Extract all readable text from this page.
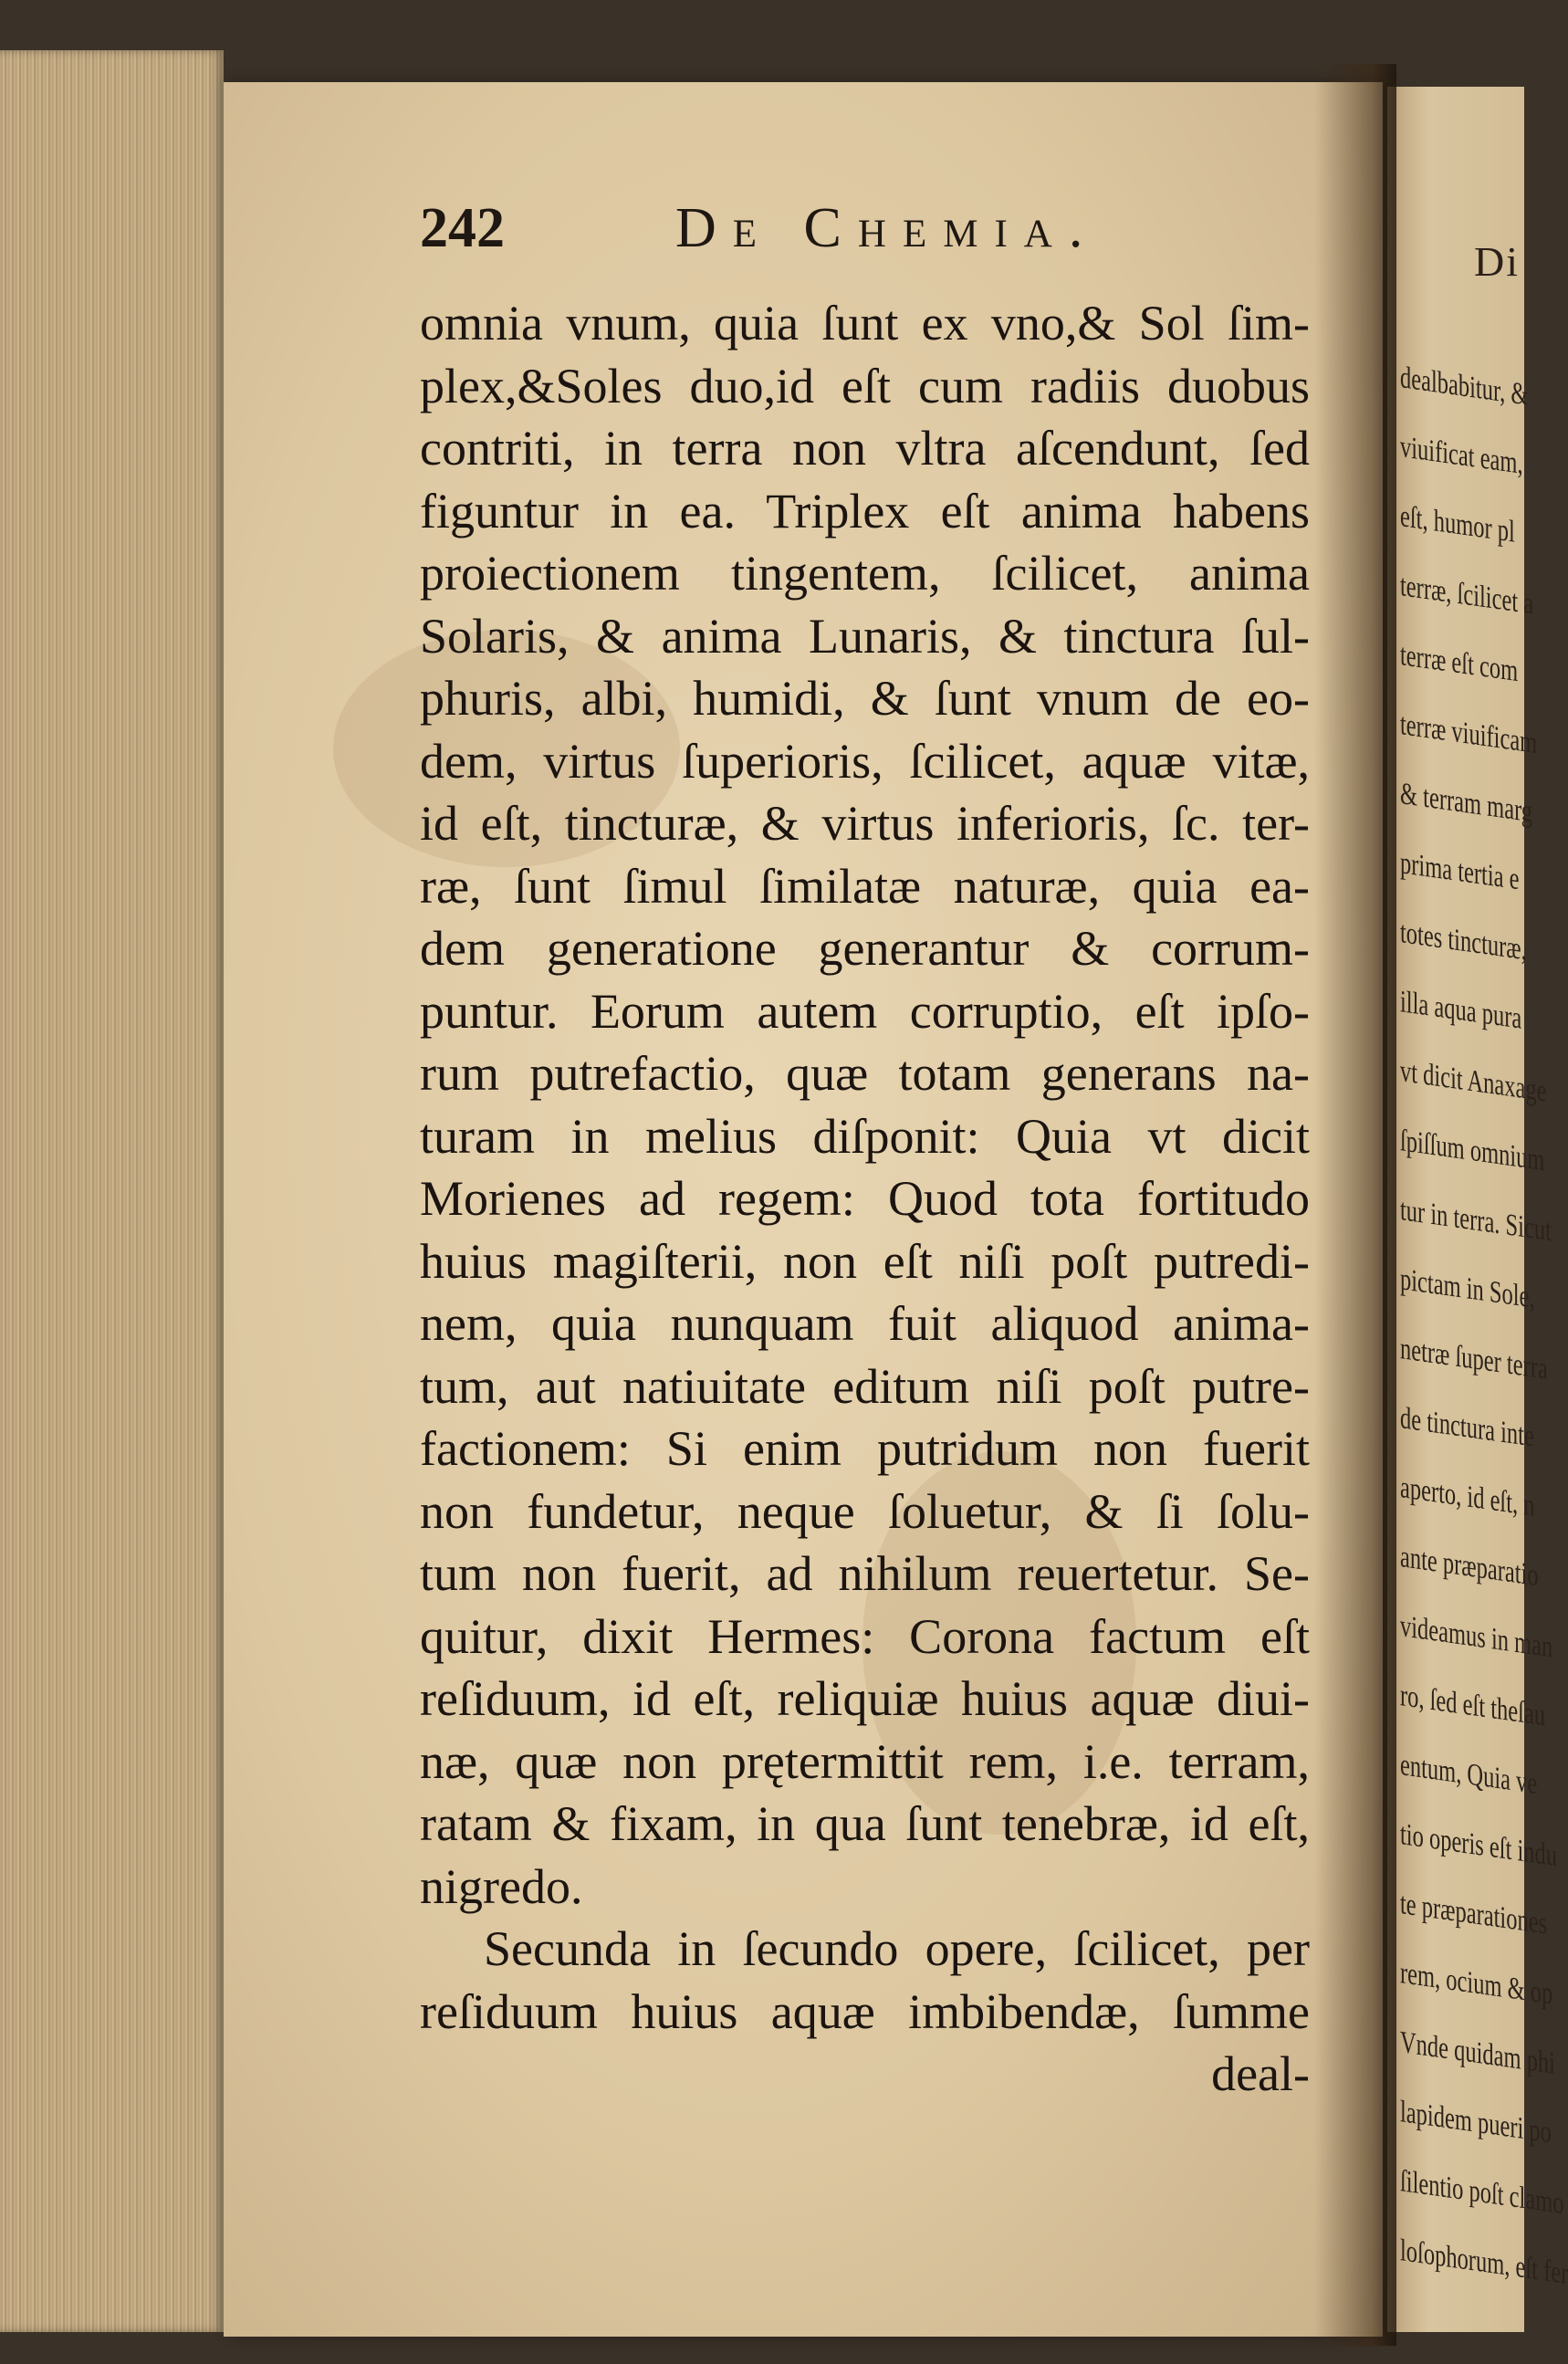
Di
dealbabitur, &
viuificat eam,
eſt, humor pl
terræ, ſcilicet a
terræ eſt com
terræ viuificam
& terram marg
prima tertia e
totes tincturæ,
illa aqua pura
vt dicit Anaxage
ſpiſſum omnium
tur in terra. Sicut
pictam in Sole,
netræ ſuper terra
de tinctura inte
aperto, id eſt, n
ante præparatio
videamus in man
ro, ſed eſt theſau
entum, Quia ve
tio operis eſt indu
te præparationes
rem, ocium & op
Vnde quidam phi
lapidem pueri po
ſilentio poſt clamo
loſophorum, eſt fer
242	De Chemia.
omnia vnum, quia ſunt ex vno,& Sol ſim-
plex,&Soles duo,id eſt cum radiis duobus
contriti, in terra non vltra aſcendunt, ſed
figuntur in ea. Triplex eſt anima habens
proiectionem tingentem, ſcilicet, anima
Solaris, & anima Lunaris, & tinctura ſul-
phuris, albi, humidi, & ſunt vnum de eo-
dem, virtus ſuperioris, ſcilicet, aquæ vitæ,
id eſt, tincturæ, & virtus inferioris, ſc. ter-
ræ, ſunt ſimul ſimilatæ naturæ, quia ea-
dem generatione generantur & corrum-
puntur. Eorum autem corruptio, eſt ipſo-
rum putrefactio, quæ totam generans na-
turam in melius diſponit: Quia vt dicit
Morienes ad regem: Quod tota fortitudo
huius magiſterii, non eſt niſi poſt putredi-
nem, quia nunquam fuit aliquod anima-
tum, aut natiuitate editum niſi poſt putre-
factionem: Si enim putridum non fuerit
non fundetur, neque ſoluetur, & ſi ſolu-
tum non fuerit, ad nihilum reuertetur. Se-
quitur, dixit Hermes: Corona factum eſt
reſiduum, id eſt, reliquiæ huius aquæ diui-
næ, quæ non prętermittit rem, i.e. terram,
ratam & fixam, in qua ſunt tenebræ, id eſt,
nigredo.
Secunda in ſecundo opere, ſcilicet, per
reſiduum huius aquæ imbibendæ, ſumme
deal-
